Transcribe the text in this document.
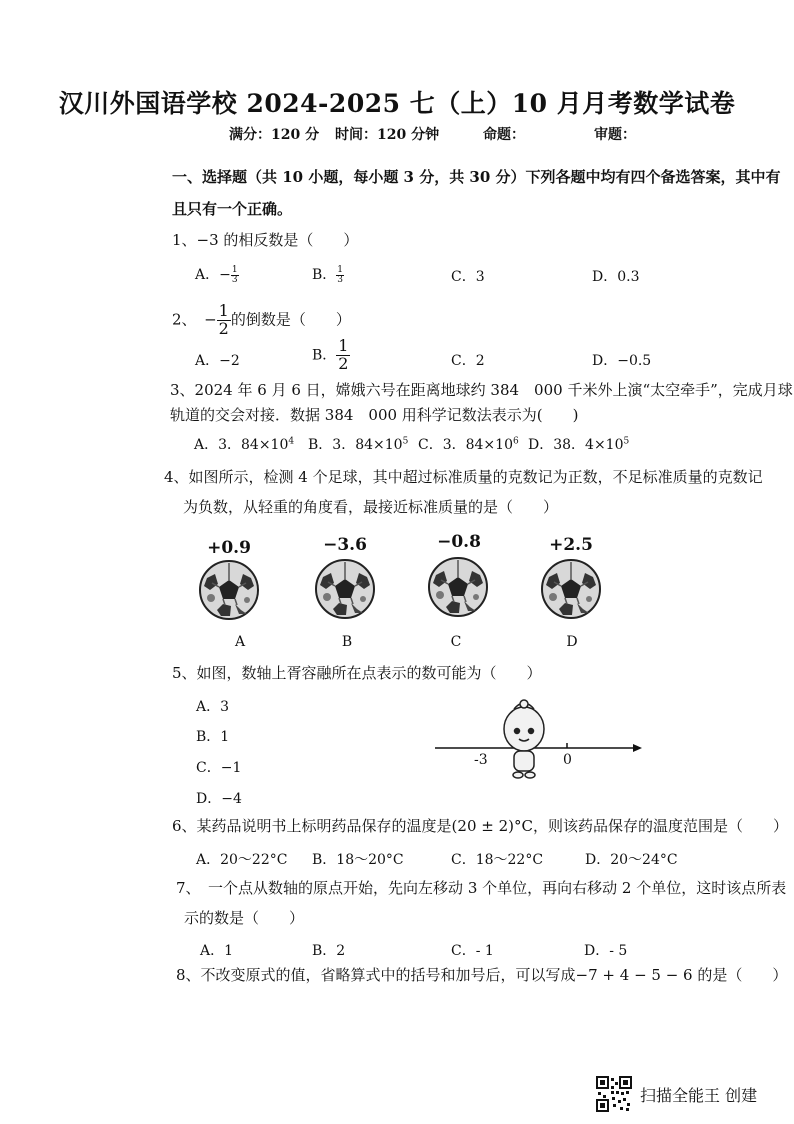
汉川外国语学校 2024-2025 七（上）10 月月考数学试卷
满分：120 分 时间：120 分钟	命题：	审题：
一、选择题（共 10 小题，每小题 3 分，共 30 分）下列各题中均有四个备选答案，其中有
且只有一个正确。
1、−3 的相反数是（　　）
A．− $\frac{1}{3}$	B． $\frac{1}{3}$	C．3	D．0.3
2、　 − $\frac{1}{2}$ 的倒数是（　　）
A．−2	B． $\frac{1}{2}$	C．2	D．−0.5
3、2024 年 6 月 6 日，嫦娥六号在距离地球约 384　000 千米外上演“太空牵手”，完成月球
轨道的交会对接．数据 384　000 用科学记数法表示为(　　)
A．3．$84\times 10^4$ B．3．$84\times 10^5$ C．3．$84\times 10^6$ D．38．$4\times 10^5$
4、如图所示，检测 4 个足球，其中超过标准质量的克数记为正数，不足标准质量的克数记
为负数，从轻重的角度看，最接近标准质量的是（　　）
+0.9	−3.6	−0.8	+2.5
A	B	C	D
5、如图，数轴上胥容融所在点表示的数可能为（　　）
A．3
B．1
C．−1
D．−4
-3	0
6、某药品说明书上标明药品保存的温度是(20 ± 2)°C，则该药品保存的温度范围是（　　）
A．20～22°C B．18～20°C	C．18～22°C	D．20～24°C
7、　一个点从数轴的原点开始，先向左移动 3 个单位，再向右移动 2 个单位，这时该点所表
示的数是（　　）
A．1	B．2	C．- 1	D．- 5
8、不改变原式的值，省略算式中的括号和加号后，可以写成−7 + 4 − 5 − 6 的是（　　）
扫描全能王 创建
